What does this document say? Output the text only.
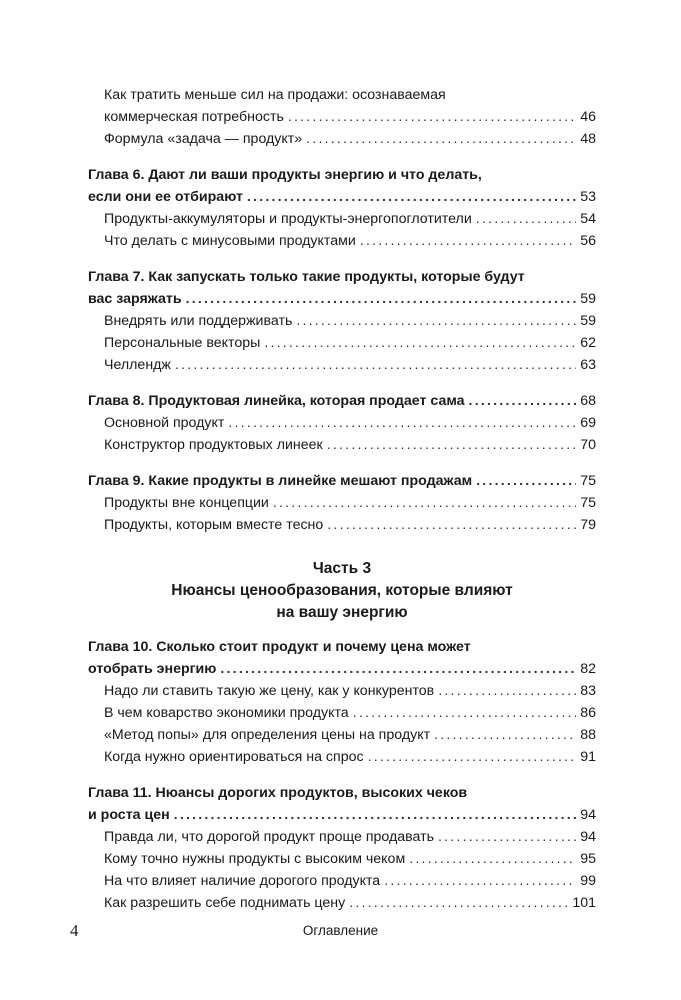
Как тратить меньше сил на продажи: осознаваемая
коммерческая потребность .....	46
Формула «задача — продукт» .....	48
Глава 6. Дают ли ваши продукты энергию и что делать,
если они ее отбирают .....	53
Продукты-аккумуляторы и продукты-энергопоглотители .....	54
Что делать с минусовыми продуктами .....	56
Глава 7. Как запускать только такие продукты, которые будут
вас заряжать .....	59
Внедрять или поддерживать .....	59
Персональные векторы .....	62
Челлендж .....	63
Глава 8. Продуктовая линейка, которая продает сама .....	68
Основной продукт .....	69
Конструктор продуктовых линеек .....	70
Глава 9. Какие продукты в линейке мешают продажам .....	75
Продукты вне концепции .....	75
Продукты, которым вместе тесно .....	79
Часть 3
Нюансы ценообразования, которые влияют
на вашу энергию
Глава 10. Сколько стоит продукт и почему цена может
отобрать энергию .....	82
Надо ли ставить такую же цену, как у конкурентов .....	83
В чем коварство экономики продукта .....	86
«Метод попы» для определения цены на продукт .....	88
Когда нужно ориентироваться на спрос .....	91
Глава 11. Нюансы дорогих продуктов, высоких чеков
и роста цен .....	94
Правда ли, что дорогой продукт проще продавать .....	94
Кому точно нужны продукты с высоким чеком .....	95
На что влияет наличие дорогого продукта .....	99
Как разрешить себе поднимать цену .....	101
4	Оглавление
